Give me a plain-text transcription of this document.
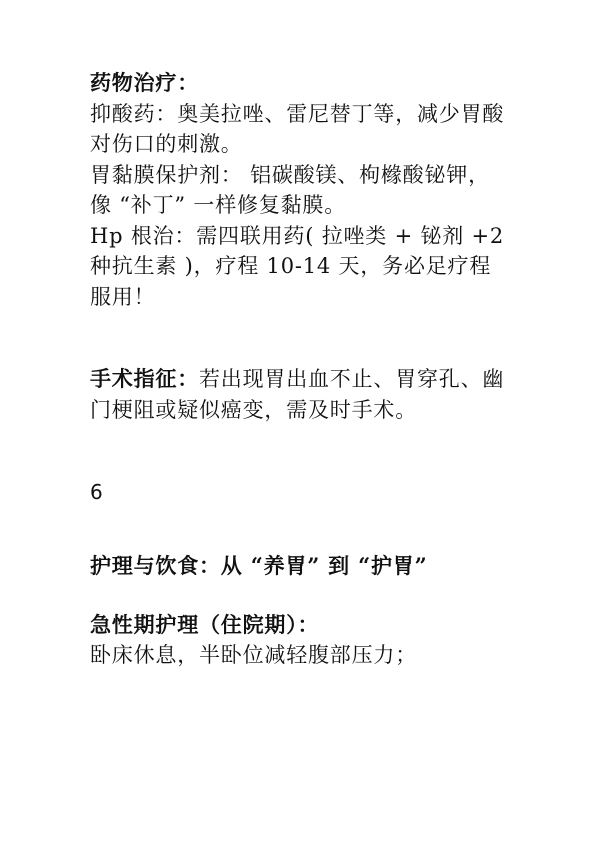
药物治疗：

抑酸药：奥美拉唑、雷尼替丁等，减少胃酸对伤口的刺激。

胃黏膜保护剂： 铝碳酸镁、枸橼酸铋钾，像 “补丁” 一样修复黏膜。

Hp 根治：需四联用药( 拉唑类 + 铋剂 +2 种抗生素 )，疗程 10-14 天，务必足疗程服用！

手术指征：若出现胃出血不止、胃穿孔、幽门梗阻或疑似癌变，需及时手术。

6

护理与饮食：从 “养胃” 到 “护胃”

急性期护理（住院期）：

卧床休息，半卧位减轻腹部压力；
